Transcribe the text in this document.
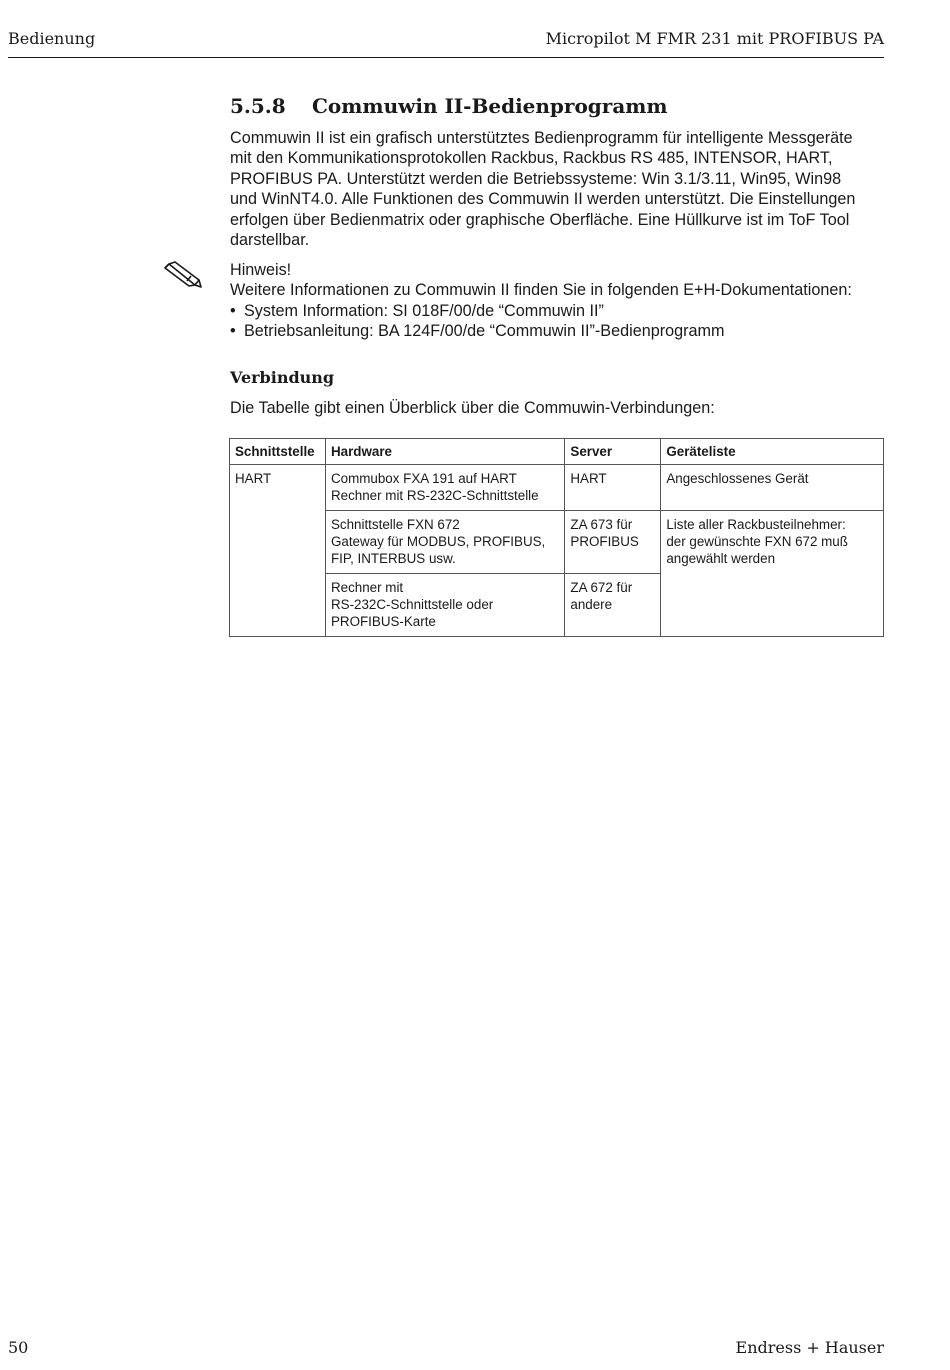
Bedienung	Micropilot M FMR 231 mit PROFIBUS PA
5.5.8 Commuwin II-Bedienprogramm
Commuwin II ist ein grafisch unterstütztes Bedienprogramm für intelligente Messgeräte
mit den Kommunikationsprotokollen Rackbus, Rackbus RS 485, INTENSOR, HART,
PROFIBUS PA. Unterstützt werden die Betriebssysteme: Win 3.1/3.11, Win95, Win98
und WinNT4.0. Alle Funktionen des Commuwin II werden unterstützt. Die Einstellungen
erfolgen über Bedienmatrix oder graphische Oberfläche. Eine Hüllkurve ist im ToF Tool
darstellbar.
Hinweis!
Weitere Informationen zu Commuwin II finden Sie in folgenden E+H-Dokumentationen:
• System Information: SI 018F/00/de “Commuwin II”
• Betriebsanleitung: BA 124F/00/de “Commuwin II”-Bedienprogramm
Verbindung
Die Tabelle gibt einen Überblick über die Commuwin-Verbindungen:
Schnittstelle	Hardware	Server	Geräteliste
HART	Commubox FXA 191 auf HART
Rechner mit RS-232C-Schnittstelle	HART	Angeschlossenes Gerät

	Schnittstelle FXN 672
Gateway für MODBUS, PROFIBUS,
FIP, INTERBUS usw.	ZA 673 für
PROFIBUS	Liste aller Rackbusteilnehmer:
der gewünschte FXN 672 muß
angewählt werden

	Rechner mit
RS-232C-Schnittstelle oder
PROFIBUS-Karte	ZA 672 für
andere	
50	Endress + Hauser
